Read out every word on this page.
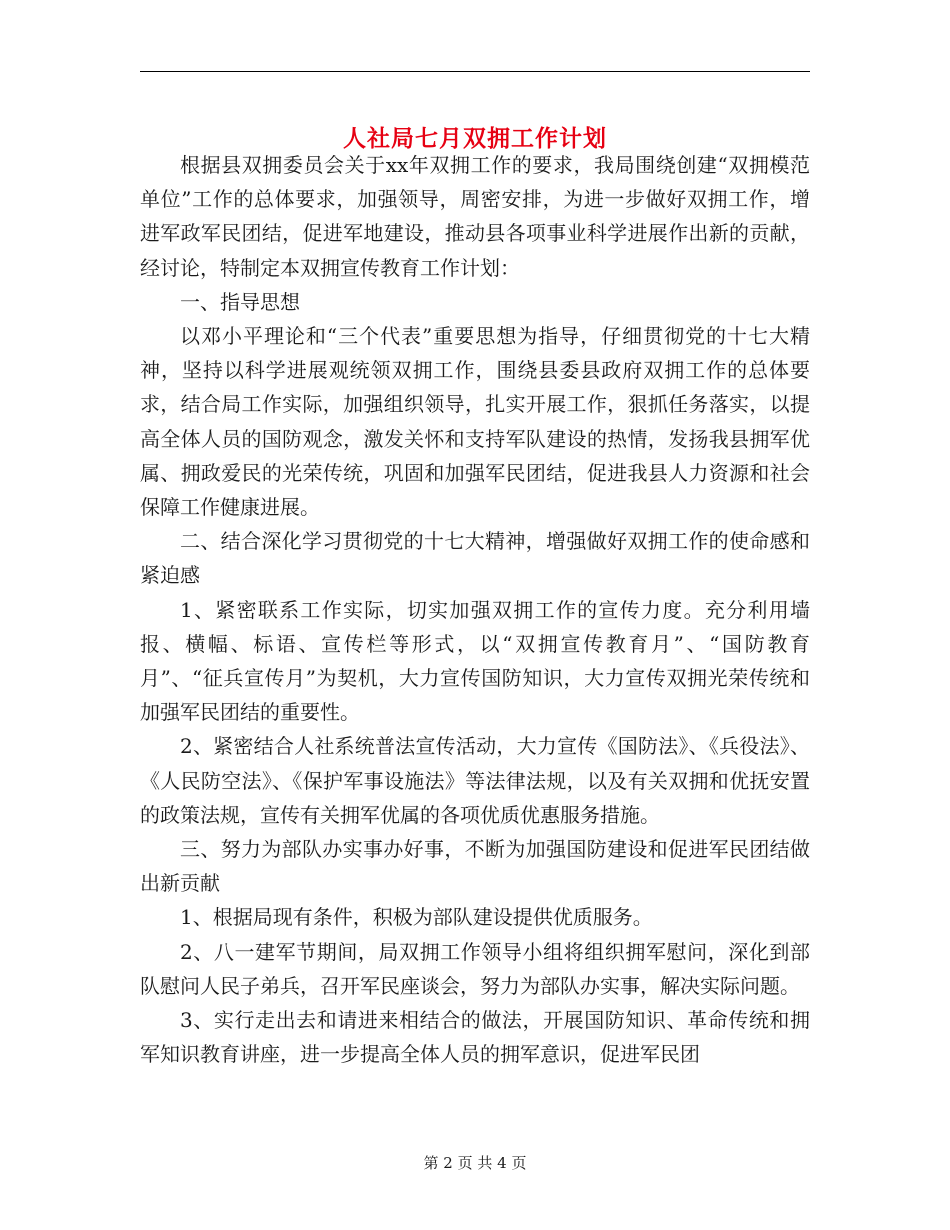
人社局七月双拥工作计划

根据县双拥委员会关于xx年双拥工作的要求，我局围绕创建“双拥模范单位”工作的总体要求，加强领导，周密安排，为进一步做好双拥工作，增进军政军民团结，促进军地建设，推动县各项事业科学进展作出新的贡献，经讨论，特制定本双拥宣传教育工作计划：

一、指导思想

以邓小平理论和“三个代表”重要思想为指导，仔细贯彻党的十七大精神，坚持以科学进展观统领双拥工作，围绕县委县政府双拥工作的总体要求，结合局工作实际，加强组织领导，扎实开展工作，狠抓任务落实，以提高全体人员的国防观念，激发关怀和支持军队建设的热情，发扬我县拥军优属、拥政爱民的光荣传统，巩固和加强军民团结，促进我县人力资源和社会保障工作健康进展。

二、结合深化学习贯彻党的十七大精神，增强做好双拥工作的使命感和紧迫感

1、紧密联系工作实际，切实加强双拥工作的宣传力度。充分利用墙报、横幅、标语、宣传栏等形式，以“双拥宣传教育月”、“国防教育月”、“征兵宣传月”为契机，大力宣传国防知识，大力宣传双拥光荣传统和加强军民团结的重要性。

2、紧密结合人社系统普法宣传活动，大力宣传《国防法》、《兵役法》、《人民防空法》、《保护军事设施法》等法律法规，以及有关双拥和优抚安置的政策法规，宣传有关拥军优属的各项优质优惠服务措施。

三、努力为部队办实事办好事，不断为加强国防建设和促进军民团结做出新贡献

1、根据局现有条件，积极为部队建设提供优质服务。

2、八一建军节期间，局双拥工作领导小组将组织拥军慰问，深化到部队慰问人民子弟兵，召开军民座谈会，努力为部队办实事，解决实际问题。

3、实行走出去和请进来相结合的做法，开展国防知识、革命传统和拥军知识教育讲座，进一步提高全体人员的拥军意识，促进军民团

第 2 页 共 4 页
